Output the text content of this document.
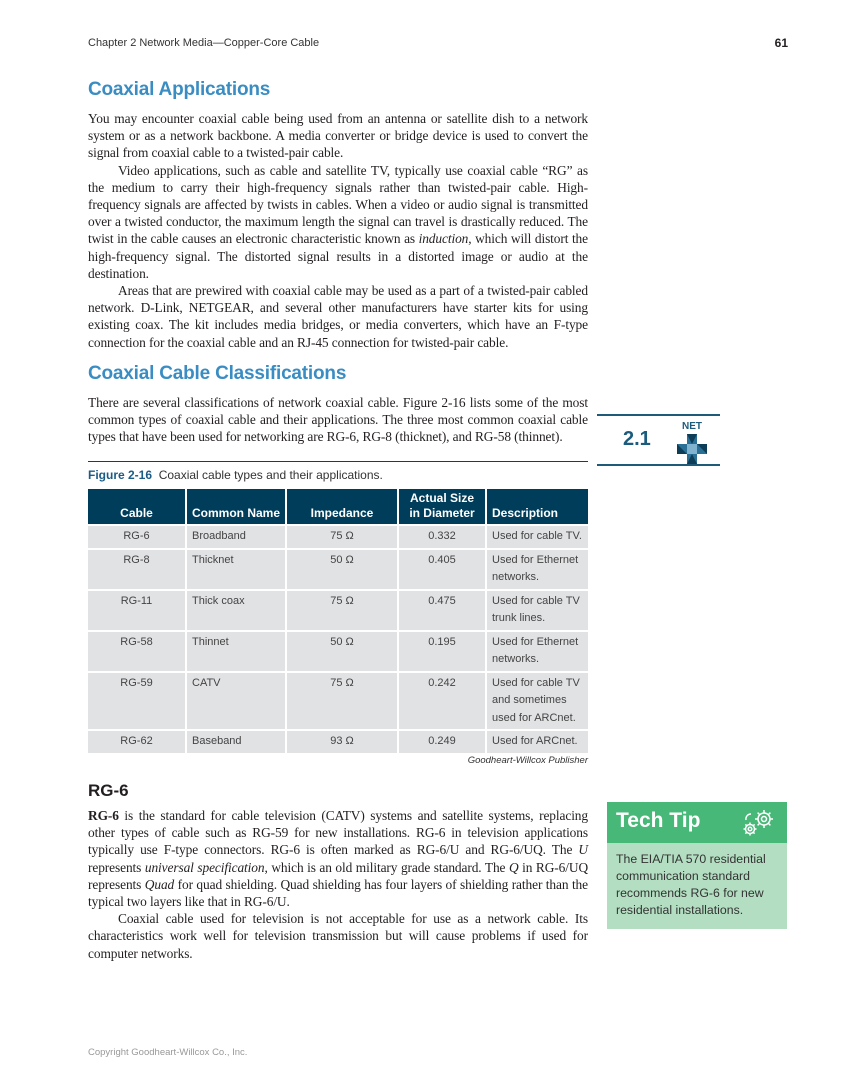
Chapter 2 Network Media—Copper-Core Cable	61
Coaxial Applications

You may encounter coaxial cable being used from an antenna or satellite dish to a network system or as a network backbone. A media converter or bridge device is used to convert the signal from coaxial cable to a twisted-pair cable.

Video applications, such as cable and satellite TV, typically use coaxial cable “RG” as the medium to carry their high-frequency signals rather than twisted-pair cable. High-frequency signals are affected by twists in cables. When a video or audio signal is transmitted over a twisted conductor, the maximum length the signal can travel is drastically reduced. The twist in the cable causes an electronic characteristic known as induction, which will distort the high-frequency signal. The distorted signal results in a distorted image or audio at the destination.

Areas that are prewired with coaxial cable may be used as a part of a twisted-pair cabled network. D-Link, NETGEAR, and several other manufacturers have starter kits for using existing coax. The kit includes media bridges, or media converters, which have an F-type connection for the coaxial cable and an RJ-45 connection for twisted-pair cable.

Coaxial Cable Classifications

There are several classifications of network coaxial cable. Figure 2-16 lists some of the most common types of coaxial cable and their applications. The three most common coaxial cable types that have been used for networking are RG-6, RG-8 (thicknet), and RG-58 (thinnet).

Figure 2-16 Coaxial cable types and their applications.
Cable	Common Name	Impedance	Actual Size in Diameter	Description
RG-6	Broadband	75 Ω	0.332	Used for cable TV.
RG-8	Thicknet	50 Ω	0.405	Used for Ethernet networks.
RG-11	Thick coax	75 Ω	0.475	Used for cable TV trunk lines.
RG-58	Thinnet	50 Ω	0.195	Used for Ethernet networks.
RG-59	CATV	75 Ω	0.242	Used for cable TV and sometimes used for ARCnet.
RG-62	Baseband	93 Ω	0.249	Used for ARCnet.
Goodheart-Willcox Publisher
RG-6

RG-6 is the standard for cable television (CATV) systems and satellite systems, replacing other types of cable such as RG-59 for new installations. RG-6 in television applications typically use F-type connectors. RG-6 is often marked as RG-6/U and RG-6/UQ. The U represents universal specification, which is an old military grade standard. The Q in RG-6/UQ represents Quad for quad shielding. Quad shielding has four layers of shielding rather than the typical two layers like that in RG-6/U.

Coaxial cable used for television is not acceptable for use as a network cable. Its characteristics work well for television transmission but will cause problems if used for computer networks.

2.1
NET
Tech Tip
The EIA/TIA 570 residential communication standard recommends RG-6 for new residential installations.
Copyright Goodheart-Willcox Co., Inc.
